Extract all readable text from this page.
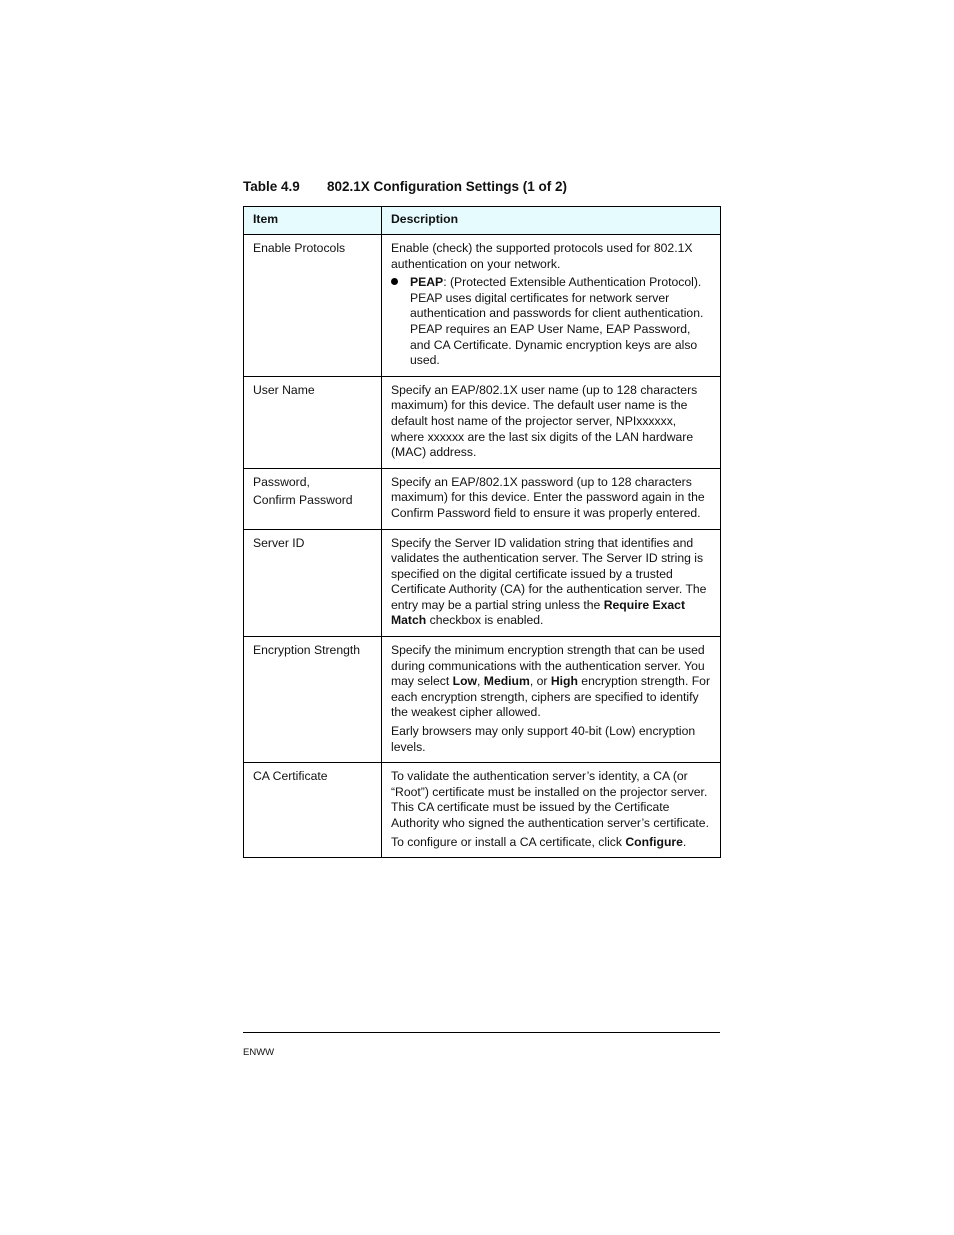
Table 4.9 802.1X Configuration Settings (1 of 2)
Item	Description
Enable Protocols	Enable (check) the supported protocols used for 802.1X authentication on your network.

PEAP: (Protected Extensible Authentication Protocol). PEAP uses digital certificates for network server authentication and passwords for client authentication. PEAP requires an EAP User Name, EAP Password, and CA Certificate. Dynamic encryption keys are also used.

User Name	Specify an EAP/802.1X user name (up to 128 characters maximum) for this device. The default user name is the default host name of the projector server, NPIxxxxxx, where xxxxxx are the last six digits of the LAN hardware (MAC) address.

Password,
Confirm Password	Specify an EAP/802.1X password (up to 128 characters maximum) for this device. Enter the password again in the Confirm Password field to ensure it was properly entered.

Server ID	Specify the Server ID validation string that identifies and validates the authentication server. The Server ID string is specified on the digital certificate issued by a trusted Certificate Authority (CA) for the authentication server. The entry may be a partial string unless the Require Exact Match checkbox is enabled.

Encryption Strength	Specify the minimum encryption strength that can be used during communications with the authentication server. You may select Low, Medium, or High encryption strength. For each encryption strength, ciphers are specified to identify the weakest cipher allowed.

Early browsers may only support 40-bit (Low) encryption levels.

CA Certificate	To validate the authentication server’s identity, a CA (or “Root”) certificate must be installed on the projector server. This CA certificate must be issued by the Certificate Authority who signed the authentication server’s certificate.

To configure or install a CA certificate, click Configure.

ENWW
